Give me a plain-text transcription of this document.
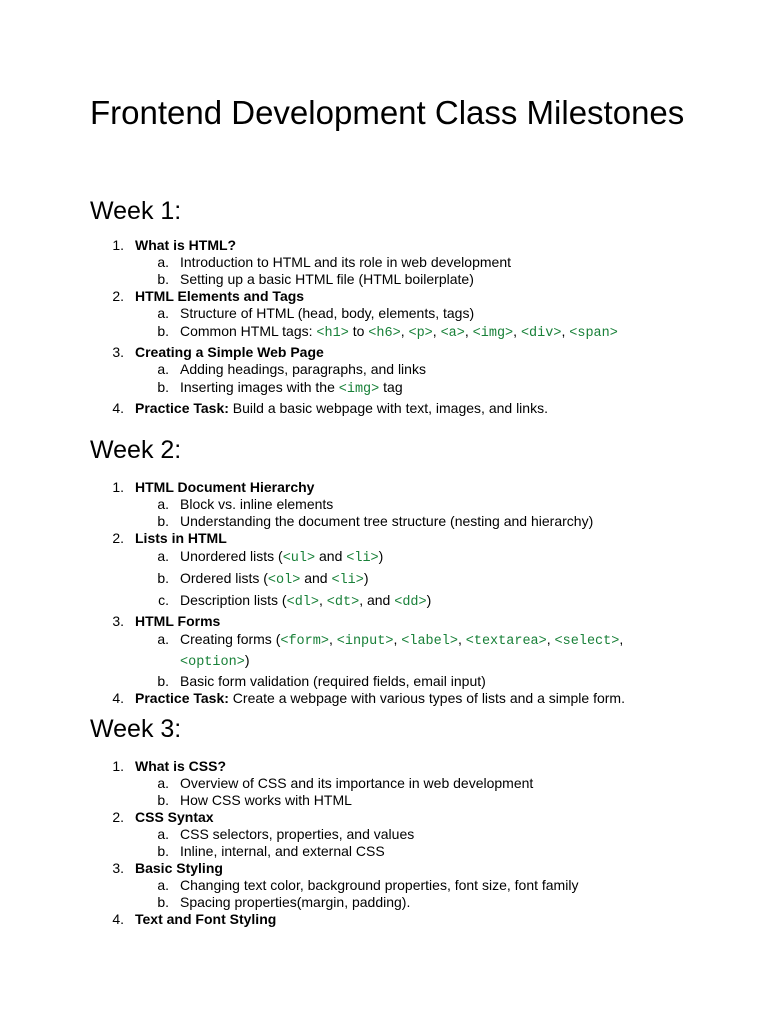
Frontend Development Class Milestones
Week 1:
1. What is HTML?
a. Introduction to HTML and its role in web development
b. Setting up a basic HTML file (HTML boilerplate)
2. HTML Elements and Tags
a. Structure of HTML (head, body, elements, tags)
b. Common HTML tags: <h1> to <h6>, <p>, <a>, <img>, <div>, <span>
3. Creating a Simple Web Page
a. Adding headings, paragraphs, and links
b. Inserting images with the <img> tag
4. Practice Task: Build a basic webpage with text, images, and links.
Week 2:
1. HTML Document Hierarchy
a. Block vs. inline elements
b. Understanding the document tree structure (nesting and hierarchy)
2. Lists in HTML
a. Unordered lists (<ul> and <li>)
b. Ordered lists (<ol> and <li>)
c. Description lists (<dl>, <dt>, and <dd>)
3. HTML Forms
a. Creating forms (<form>, <input>, <label>, <textarea>, <select>, <option>)
b. Basic form validation (required fields, email input)
4. Practice Task: Create a webpage with various types of lists and a simple form.
Week 3:
1. What is CSS?
a. Overview of CSS and its importance in web development
b. How CSS works with HTML
2. CSS Syntax
a. CSS selectors, properties, and values
b. Inline, internal, and external CSS
3. Basic Styling
a. Changing text color, background properties, font size, font family
b. Spacing properties(margin, padding).
4. Text and Font Styling
